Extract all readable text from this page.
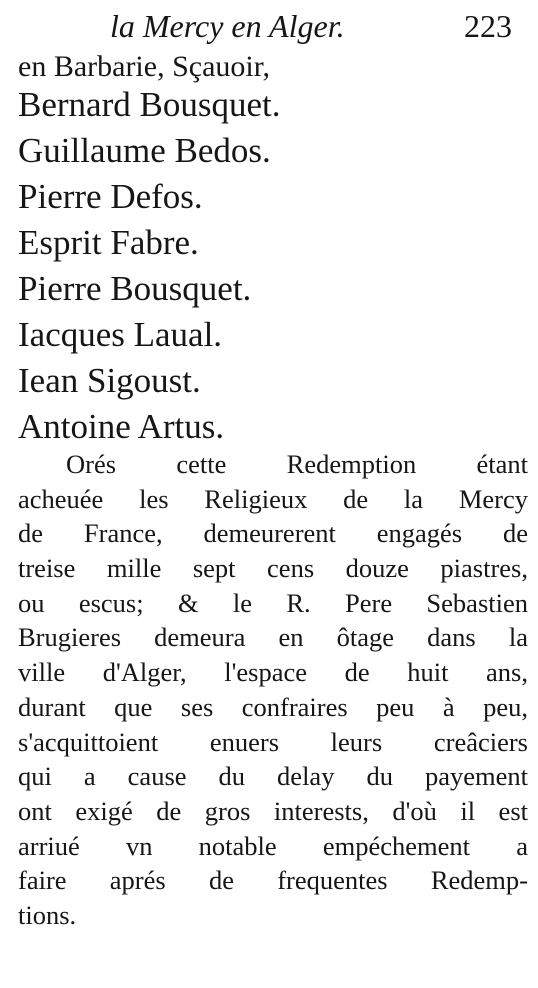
la Mercy en Alger.	223
en Barbarie, Sçauoir,
Bernard Bousquet.
Guillaume Bedos.
Pierre Defos.
Esprit Fabre.
Pierre Bousquet.
Iacques Laual.
Iean Sigoust.
Antoine Artus.
Orés cette Redemption étant
acheuée les Religieux de la Mercy
de France, demeurerent engagés de
treise mille sept cens douze piastres,
ou escus; & le R. Pere Sebastien
Brugieres demeura en ôtage dans la
ville d'Alger, l'espace de huit ans,
durant que ses confraires peu à peu,
s'acquittoient enuers leurs creâciers
qui a cause du delay du payement
ont exigé de gros interests, d'où il est
arriué vn notable empéchement a
faire aprés de frequentes Redemp-
tions.
